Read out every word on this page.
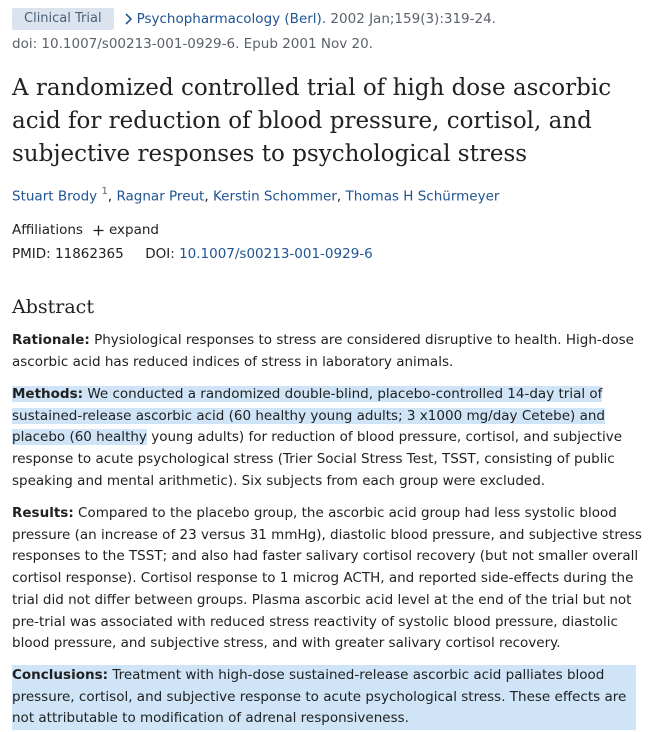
Clinical Trial	Psychopharmacology (Berl). 2002 Jan;159(3):319-24.
doi: 10.1007/s00213-001-0929-6. Epub 2001 Nov 20.
A randomized controlled trial of high dose ascorbic acid for reduction of blood pressure, cortisol, and subjective responses to psychological stress
Stuart Brody $^1$, Ragnar Preut, Kerstin Schommer, Thomas H Schürmeyer
Affiliations expand
PMID: 11862365 DOI: 10.1007/s00213-001-0929-6
Abstract

Rationale: Physiological responses to stress are considered disruptive to health. High-dose ascorbic acid has reduced indices of stress in laboratory animals.

Methods: We conducted a randomized double-blind, placebo-controlled 14-day trial of sustained-release ascorbic acid (60 healthy young adults; 3 x1000 mg/day Cetebe) and placebo (60 healthy young adults) for reduction of blood pressure, cortisol, and subjective response to acute psychological stress (Trier Social Stress Test, TSST, consisting of public speaking and mental arithmetic). Six subjects from each group were excluded.

Results: Compared to the placebo group, the ascorbic acid group had less systolic blood pressure (an increase of 23 versus 31 mmHg), diastolic blood pressure, and subjective stress responses to the TSST; and also had faster salivary cortisol recovery (but not smaller overall cortisol response). Cortisol response to 1 microg ACTH, and reported side-effects during the trial did not differ between groups. Plasma ascorbic acid level at the end of the trial but not pre-trial was associated with reduced stress reactivity of systolic blood pressure, diastolic blood pressure, and subjective stress, and with greater salivary cortisol recovery.

Conclusions: Treatment with high-dose sustained-release ascorbic acid palliates blood pressure, cortisol, and subjective response to acute psychological stress. These effects are not attributable to modification of adrenal responsiveness.
